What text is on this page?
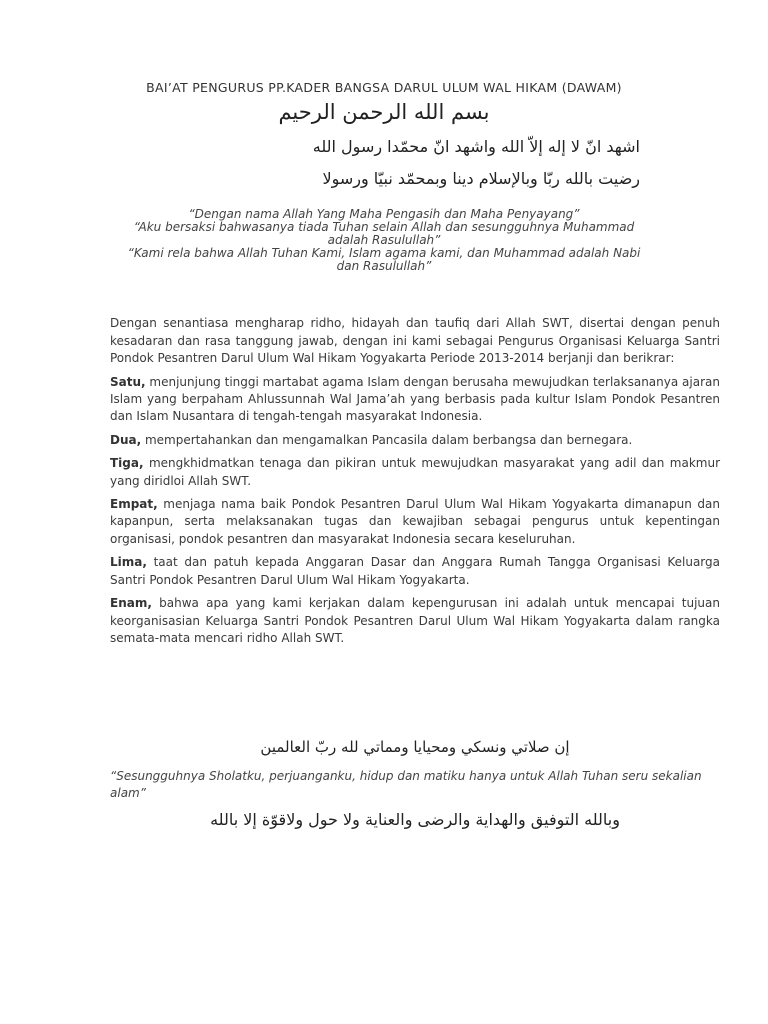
BAI’AT PENGURUS PP.KADER BANGSA DARUL ULUM WAL HIKAM (DAWAM)
بسم الله الرحمن الرحيم
اشهد انّ لا إله إلاّ الله واشهد انّ محمّدا رسول الله
رضيت بالله ربّا وبالإسلام دينا وبمحمّد نبيّا ورسولا
“Dengan nama Allah Yang Maha Pengasih dan Maha Penyayang”
“Aku bersaksi bahwasanya tiada Tuhan selain Allah dan sesungguhnya Muhammad
adalah Rasulullah”
“Kami rela bahwa Allah Tuhan Kami, Islam agama kami, dan Muhammad adalah Nabi
dan Rasulullah”

Dengan senantiasa mengharap ridho, hidayah dan taufiq dari Allah SWT, disertai dengan penuh kesadaran dan rasa tanggung jawab, dengan ini kami sebagai Pengurus Organisasi Keluarga Santri Pondok Pesantren Darul Ulum Wal Hikam Yogyakarta Periode 2013-2014 berjanji dan berikrar:

Satu, menjunjung tinggi martabat agama Islam dengan berusaha mewujudkan terlaksananya ajaran Islam yang berpaham Ahlussunnah Wal Jama’ah yang berbasis pada kultur Islam Pondok Pesantren dan Islam Nusantara di tengah-tengah masyarakat Indonesia.

Dua, mempertahankan dan mengamalkan Pancasila dalam berbangsa dan bernegara.

Tiga, mengkhidmatkan tenaga dan pikiran untuk mewujudkan masyarakat yang adil dan makmur yang diridloi Allah SWT.

Empat, menjaga nama baik Pondok Pesantren Darul Ulum Wal Hikam Yogyakarta dimanapun dan kapanpun, serta melaksanakan tugas dan kewajiban sebagai pengurus untuk kepentingan organisasi, pondok pesantren dan masyarakat Indonesia secara keseluruhan.

Lima, taat dan patuh kepada Anggaran Dasar dan Anggara Rumah Tangga Organisasi Keluarga Santri Pondok Pesantren Darul Ulum Wal Hikam Yogyakarta.

Enam, bahwa apa yang kami kerjakan dalam kepengurusan ini adalah untuk mencapai tujuan keorganisasian Keluarga Santri Pondok Pesantren Darul Ulum Wal Hikam Yogyakarta dalam rangka semata-mata mencari ridho Allah SWT.

إن صلاتي ونسكي ومحيايا ومماتي لله ربّ العالمين
“Sesungguhnya Sholatku, perjuanganku, hidup dan matiku hanya untuk Allah Tuhan seru sekalian alam”
وبالله التوفيق والهداية والرضى والعناية ولا حول ولاقوّة إلا بالله
